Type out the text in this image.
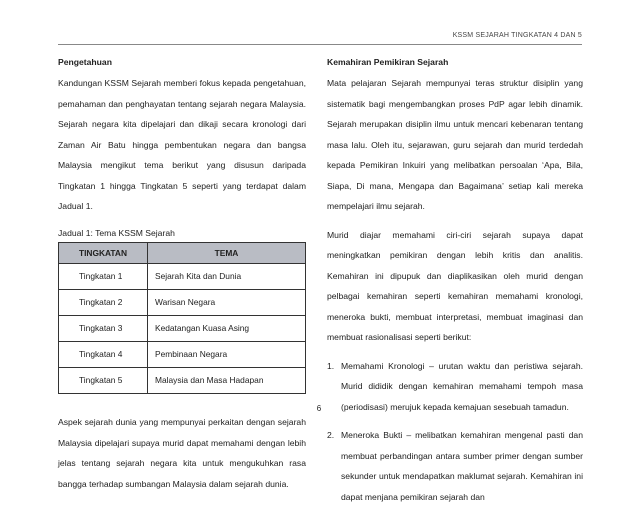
KSSM SEJARAH TINGKATAN 4 DAN 5

Pengetahuan

Kandungan KSSM Sejarah memberi fokus kepada pengetahuan, pemahaman dan penghayatan tentang sejarah negara Malaysia. Sejarah negara kita dipelajari dan dikaji secara kronologi dari Zaman Air Batu hingga pembentukan negara dan bangsa Malaysia mengikut tema berikut yang disusun daripada Tingkatan 1 hingga Tingkatan 5 seperti yang terdapat dalam Jadual 1.

Jadual 1: Tema KSSM Sejarah
TINGKATAN	TEMA
Tingkatan 1	Sejarah Kita dan Dunia
Tingkatan 2	Warisan Negara
Tingkatan 3	Kedatangan Kuasa Asing
Tingkatan 4	Pembinaan Negara
Tingkatan 5	Malaysia dan Masa Hadapan

Aspek sejarah dunia yang mempunyai perkaitan dengan sejarah Malaysia dipelajari supaya murid dapat memahami dengan lebih jelas tentang sejarah negara kita untuk mengukuhkan rasa bangga terhadap sumbangan Malaysia dalam sejarah dunia.

Kemahiran Pemikiran Sejarah

Mata pelajaran Sejarah mempunyai teras struktur disiplin yang sistematik bagi mengembangkan proses PdP agar lebih dinamik. Sejarah merupakan disiplin ilmu untuk mencari kebenaran tentang masa lalu. Oleh itu, sejarawan, guru sejarah dan murid terdedah kepada Pemikiran Inkuiri yang melibatkan persoalan ‘Apa, Bila, Siapa, Di mana, Mengapa dan Bagaimana’ setiap kali mereka mempelajari ilmu sejarah.

Murid diajar memahami ciri-ciri sejarah supaya dapat meningkatkan pemikiran dengan lebih kritis dan analitis. Kemahiran ini dipupuk dan diaplikasikan oleh murid dengan pelbagai kemahiran seperti kemahiran memahami kronologi, meneroka bukti, membuat interpretasi, membuat imaginasi dan membuat rasionalisasi seperti berikut:

1. Memahami Kronologi – urutan waktu dan peristiwa sejarah. Murid dididik dengan kemahiran memahami tempoh masa (periodisasi) merujuk kepada kemajuan sesebuah tamadun.
2. Meneroka Bukti – melibatkan kemahiran mengenal pasti dan membuat perbandingan antara sumber primer dengan sumber sekunder untuk mendapatkan maklumat sejarah. Kemahiran ini dapat menjana pemikiran sejarah dan
6
